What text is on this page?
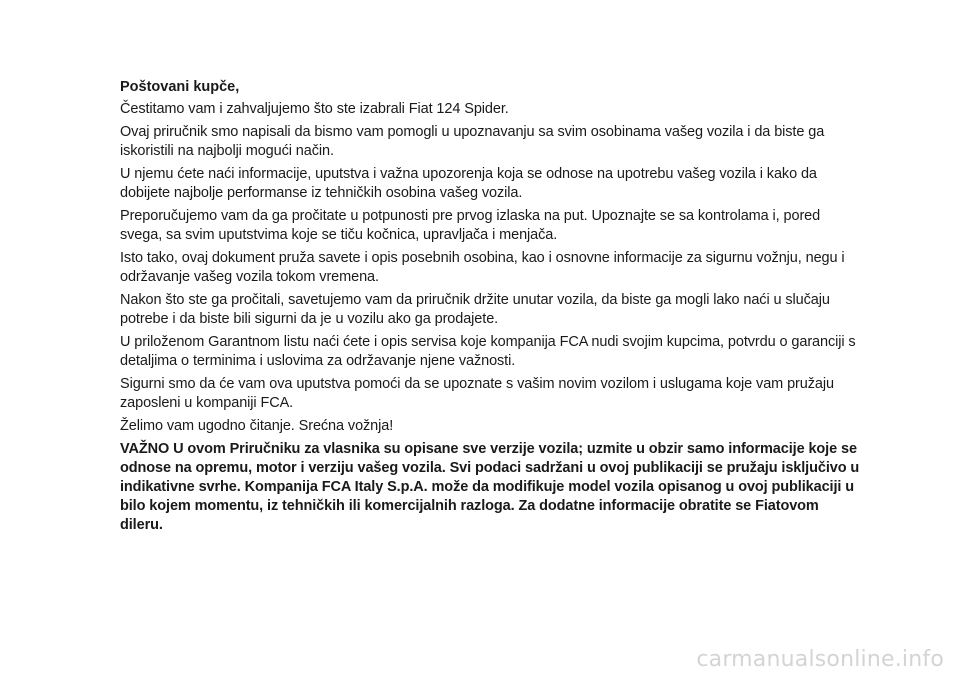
Poštovani kupče,

Čestitamo vam i zahvaljujemo što ste izabrali Fiat 124 Spider.

Ovaj priručnik smo napisali da bismo vam pomogli u upoznavanju sa svim osobinama vašeg vozila i da biste ga iskoristili na najbolji mogući način.

U njemu ćete naći informacije, uputstva i važna upozorenja koja se odnose na upotrebu vašeg vozila i kako da dobijete najbolje performanse iz tehničkih osobina vašeg vozila.

Preporučujemo vam da ga pročitate u potpunosti pre prvog izlaska na put. Upoznajte se sa kontrolama i, pored svega, sa svim uputstvima koje se tiču kočnica, upravljača i menjača.

Isto tako, ovaj dokument pruža savete i opis posebnih osobina, kao i osnovne informacije za sigurnu vožnju, negu i održavanje vašeg vozila tokom vremena.

Nakon što ste ga pročitali, savetujemo vam da priručnik držite unutar vozila, da biste ga mogli lako naći u slučaju potrebe i da biste bili sigurni da je u vozilu ako ga prodajete.

U priloženom Garantnom listu naći ćete i opis servisa koje kompanija FCA nudi svojim kupcima, potvrdu o garanciji s detaljima o terminima i uslovima za održavanje njene važnosti.

Sigurni smo da će vam ova uputstva pomoći da se upoznate s vašim novim vozilom i uslugama koje vam pružaju zaposleni u kompaniji FCA.

Želimo vam ugodno čitanje. Srećna vožnja!

VAŽNO U ovom Priručniku za vlasnika su opisane sve verzije vozila; uzmite u obzir samo informacije koje se odnose na opremu, motor i verziju vašeg vozila. Svi podaci sadržani u ovoj publikaciji se pružaju isključivo u indikativne svrhe. Kompanija FCA Italy S.p.A. može da modifikuje model vozila opisanog u ovoj publikaciji u bilo kojem momentu, iz tehničkih ili komercijalnih razloga. Za dodatne informacije obratite se Fiatovom dileru.

carmanualsonline.info
